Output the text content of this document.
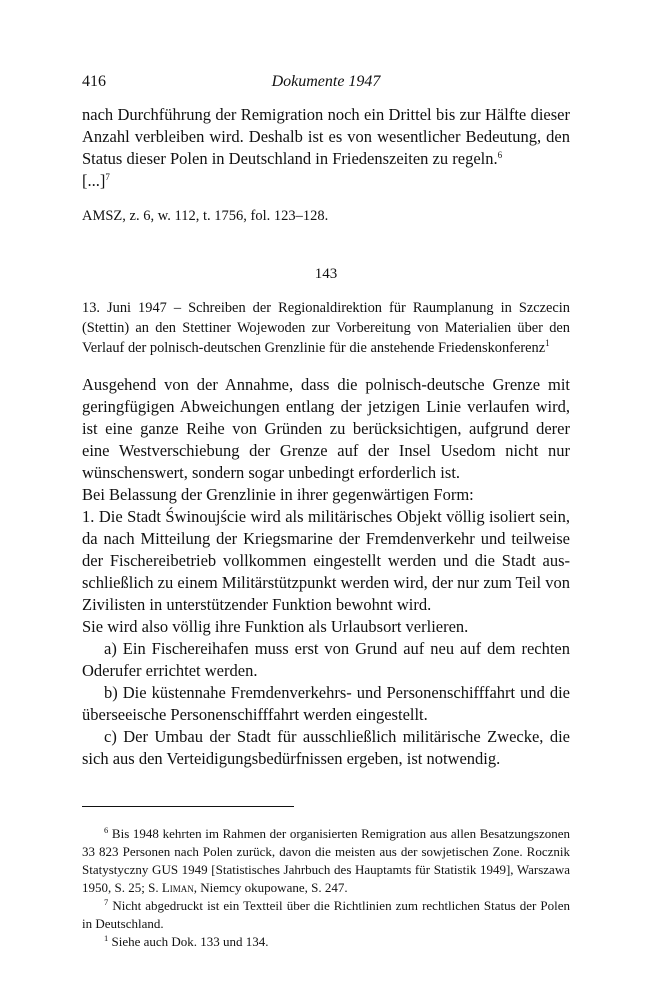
416	Dokumente 1947

nach Durchführung der Remigration noch ein Drittel bis zur Hälfte dieser Anzahl verbleiben wird. Deshalb ist es von wesentlicher Bedeutung, den Status dieser Polen in Deutschland in Friedenszeiten zu regeln.$^6$

[...]$^7$

AMSZ, z. 6, w. 112, t. 1756, fol. 123–128.

143

13. Juni 1947 – Schreiben der Regionaldirektion für Raumplanung in Szczecin (Stettin) an den Stettiner Wojewoden zur Vorbereitung von Materialien über den Verlauf der polnisch-deutschen Grenzlinie für die anstehende Friedenskonferenz$^1$

Ausgehend von der Annahme, dass die polnisch-deutsche Grenze mit geringfügigen Abweichungen entlang der jetzigen Linie verlaufen wird, ist eine ganze Reihe von Gründen zu berücksichtigen, aufgrund derer eine Westverschiebung der Grenze auf der Insel Usedom nicht nur wünschenswert, sondern sogar unbedingt erforderlich ist.

Bei Belassung der Grenzlinie in ihrer gegenwärtigen Form:

1. Die Stadt Świnoujście wird als militärisches Objekt völlig isoliert sein, da nach Mitteilung der Kriegsmarine der Fremdenverkehr und teilweise der Fischereibetrieb vollkommen eingestellt werden und die Stadt ausschließlich zu einem Militärstützpunkt werden wird, der nur zum Teil von Zivilisten in unterstützender Funktion bewohnt wird.

Sie wird also völlig ihre Funktion als Urlaubsort verlieren.

a) Ein Fischereihafen muss erst von Grund auf neu auf dem rechten Oderufer errichtet werden.

b) Die küstennahe Fremdenverkehrs- und Personenschifffahrt und die überseeische Personenschifffahrt werden eingestellt.

c) Der Umbau der Stadt für ausschließlich militärische Zwecke, die sich aus den Verteidigungsbedürfnissen ergeben, ist notwendig.

$^6$ Bis 1948 kehrten im Rahmen der organisierten Remigration aus allen Besatzungszonen 33 823 Personen nach Polen zurück, davon die meisten aus der sowjetischen Zone. Rocznik Statystyczny GUS 1949 [Statistisches Jahrbuch des Hauptamts für Statistik 1949], Warszawa 1950, S. 25; S. Liman, Niemcy okupowane, S. 247.

$^7$ Nicht abgedruckt ist ein Textteil über die Richtlinien zum rechtlichen Status der Polen in Deutschland.

$^1$ Siehe auch Dok. 133 und 134.
